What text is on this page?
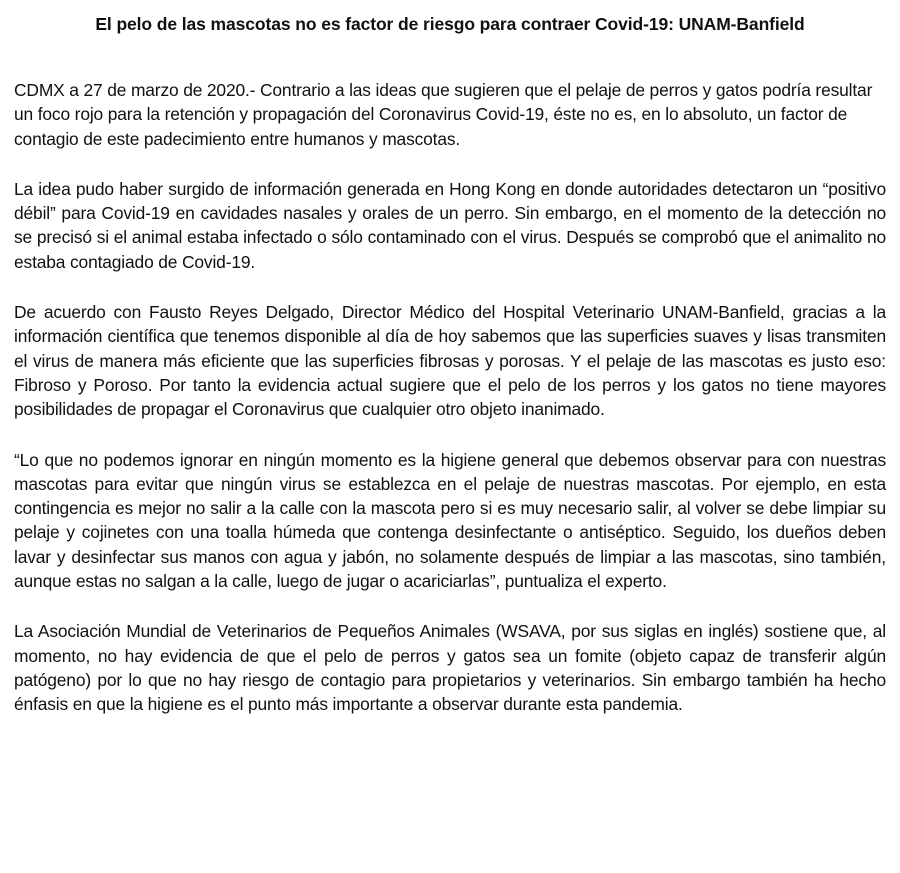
El pelo de las mascotas no es factor de riesgo para contraer Covid-19: UNAM-Banfield

CDMX a 27 de marzo de 2020.- Contrario a las ideas que sugieren que el pelaje de perros y gatos podría resultar un foco rojo para la retención y propagación del Coronavirus Covid-19, éste no es, en lo absoluto, un factor de contagio de este padecimiento entre humanos y mascotas.

La idea pudo haber surgido de información generada en Hong Kong en donde autoridades detectaron un “positivo débil” para Covid-19 en cavidades nasales y orales de un perro. Sin embargo, en el momento de la detección no se precisó si el animal estaba infectado o sólo contaminado con el virus. Después se comprobó que el animalito no estaba contagiado de Covid-19.

De acuerdo con Fausto Reyes Delgado, Director Médico del Hospital Veterinario UNAM-Banfield, gracias a la información científica que tenemos disponible al día de hoy sabemos que las superficies suaves y lisas transmiten el virus de manera más eficiente que las superficies fibrosas y porosas. Y el pelaje de las mascotas es justo eso: Fibroso y Poroso. Por tanto la evidencia actual sugiere que el pelo de los perros y los gatos no tiene mayores posibilidades de propagar el Coronavirus que cualquier otro objeto inanimado.

“Lo que no podemos ignorar en ningún momento es la higiene general que debemos observar para con nuestras mascotas para evitar que ningún virus se establezca en el pelaje de nuestras mascotas. Por ejemplo, en esta contingencia es mejor no salir a la calle con la mascota pero si es muy necesario salir, al volver se debe limpiar su pelaje y cojinetes con una toalla húmeda que contenga desinfectante o antiséptico. Seguido, los dueños deben lavar y desinfectar sus manos con agua y jabón, no solamente después de limpiar a las mascotas, sino también, aunque estas no salgan a la calle, luego de jugar o acariciarlas”, puntualiza el experto.

La Asociación Mundial de Veterinarios de Pequeños Animales (WSAVA, por sus siglas en inglés) sostiene que, al momento, no hay evidencia de que el pelo de perros y gatos sea un fomite (objeto capaz de transferir algún patógeno) por lo que no hay riesgo de contagio para propietarios y veterinarios. Sin embargo también ha hecho énfasis en que la higiene es el punto más importante a observar durante esta pandemia.
